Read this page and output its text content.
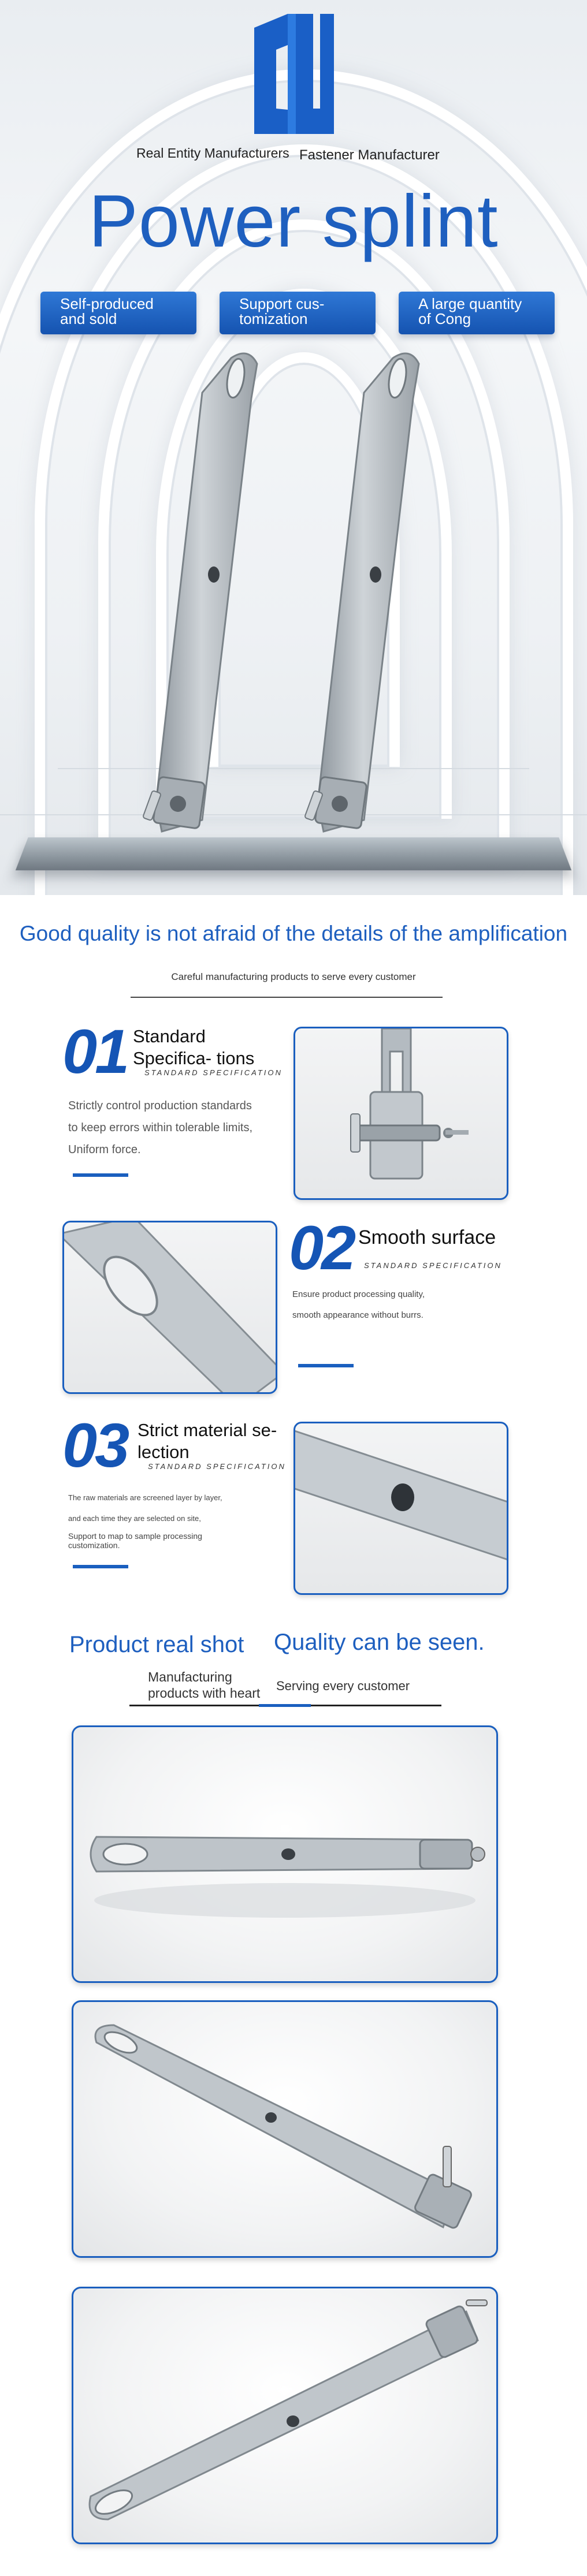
Real Entity Manufacturers Fastener Manufacturer
Power splint
Self-produced and sold
Support cus- tomization
A large quantity of Cong
Good quality is not afraid of the details of the amplification
Careful manufacturing products to serve every customer
01 Standard Specifica- tions
STANDARD SPECIFICATION
Strictly control production standards
to keep errors within tolerable limits,
Uniform force.
02 Smooth surface
STANDARD SPECIFICATION
Ensure product processing quality,
smooth appearance without burrs.
03 Strict material se- lection
STANDARD SPECIFICATION
The raw materials are screened layer by layer,
and each time they are selected on site,
Support to map to sample processing customization.
Product real shot Quality can be seen.
Manufacturing products with heart	Serving every customer
